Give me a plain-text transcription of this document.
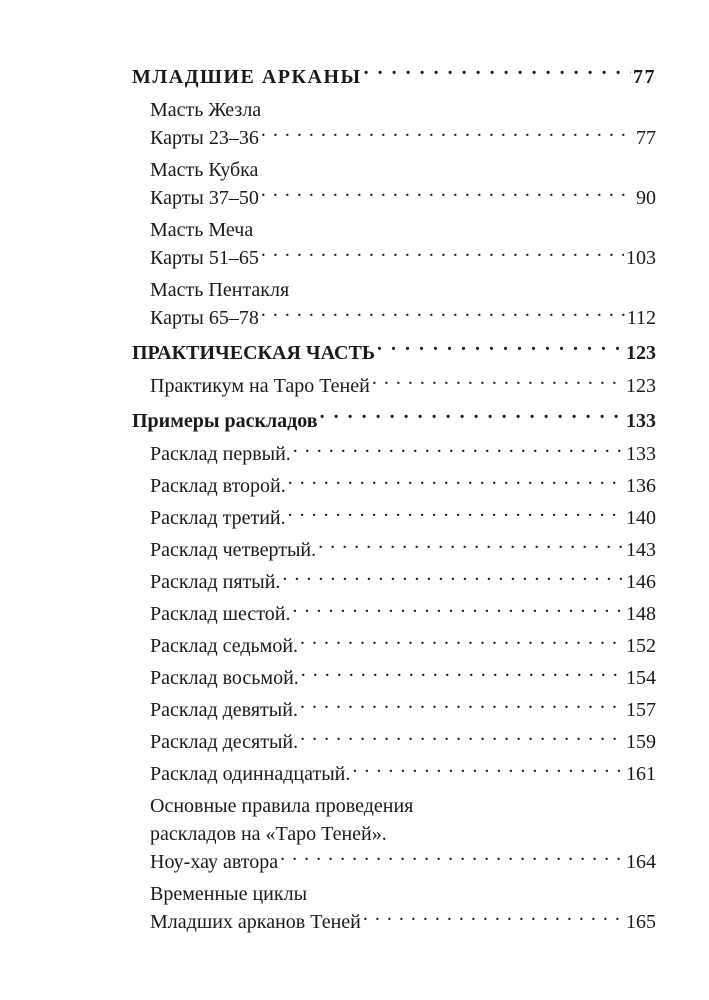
МЛАДШИЕ АРКАНЫ . . .	77
Масть Жезла
Карты 23–36 . . .	77
Масть Кубка
Карты 37–50 . . .	90
Масть Меча
Карты 51–65 . . .	103
Масть Пентакля
Карты 65–78 . . .	112
ПРАКТИЧЕСКАЯ ЧАСТЬ . . .	123
Практикум на Таро Теней . . .	123
Примеры раскладов . . .	133
Расклад первый. . . .	133
Расклад второй. . . .	136
Расклад третий. . . .	140
Расклад четвертый. . . .	143
Расклад пятый. . . .	146
Расклад шестой. . . .	148
Расклад седьмой. . . .	152
Расклад восьмой. . . .	154
Расклад девятый. . . .	157
Расклад десятый. . . .	159
Расклад одиннадцатый. . . .	161
Основные правила проведения
раскладов на «Таро Теней».
Ноу-хау автора . . .	164
Временные циклы
Младших арканов Теней . . .	165
